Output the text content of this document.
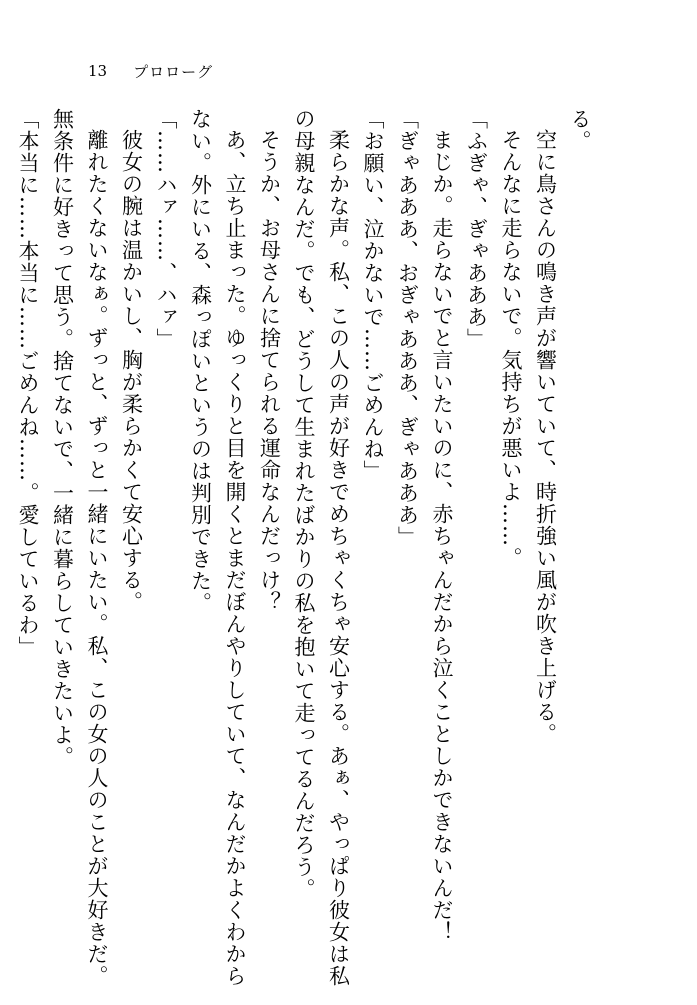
13 プロローグ
る。
空に鳥さんの鳴き声が響いていて、時折強い風が吹き上げる。
そんなに走らないで。気持ちが悪いよ……。
「ふぎゃ、ぎゃあああ」
まじか。走らないでと言いたいのに、赤ちゃんだから泣くことしかできないんだ！
「ぎゃあああ、おぎゃあああ、ぎゃあああ」
「お願い、泣かないで……ごめんね」
柔らかな声。私、この人の声が好きでめちゃくちゃ安心する。あぁ、やっぱり彼女は私
の母親なんだ。でも、どうして生まれたばかりの私を抱いて走ってるんだろう。
そうか、お母さんに捨てられる運命なんだっけ？
あ、立ち止まった。ゆっくりと目を開くとまだぼんやりしていて、なんだかよくわから
ない。外にいる、森っぽいというのは判別できた。
「……ハァ……、ハァ」
彼女の腕は温かいし、胸が柔らかくて安心する。
離れたくないなぁ。ずっと、ずっと一緒にいたい。私、この女の人のことが大好きだ。
無条件に好きって思う。捨てないで、一緒に暮らしていきたいよ。
「本当に……本当に……ごめんね……。愛しているわ」
